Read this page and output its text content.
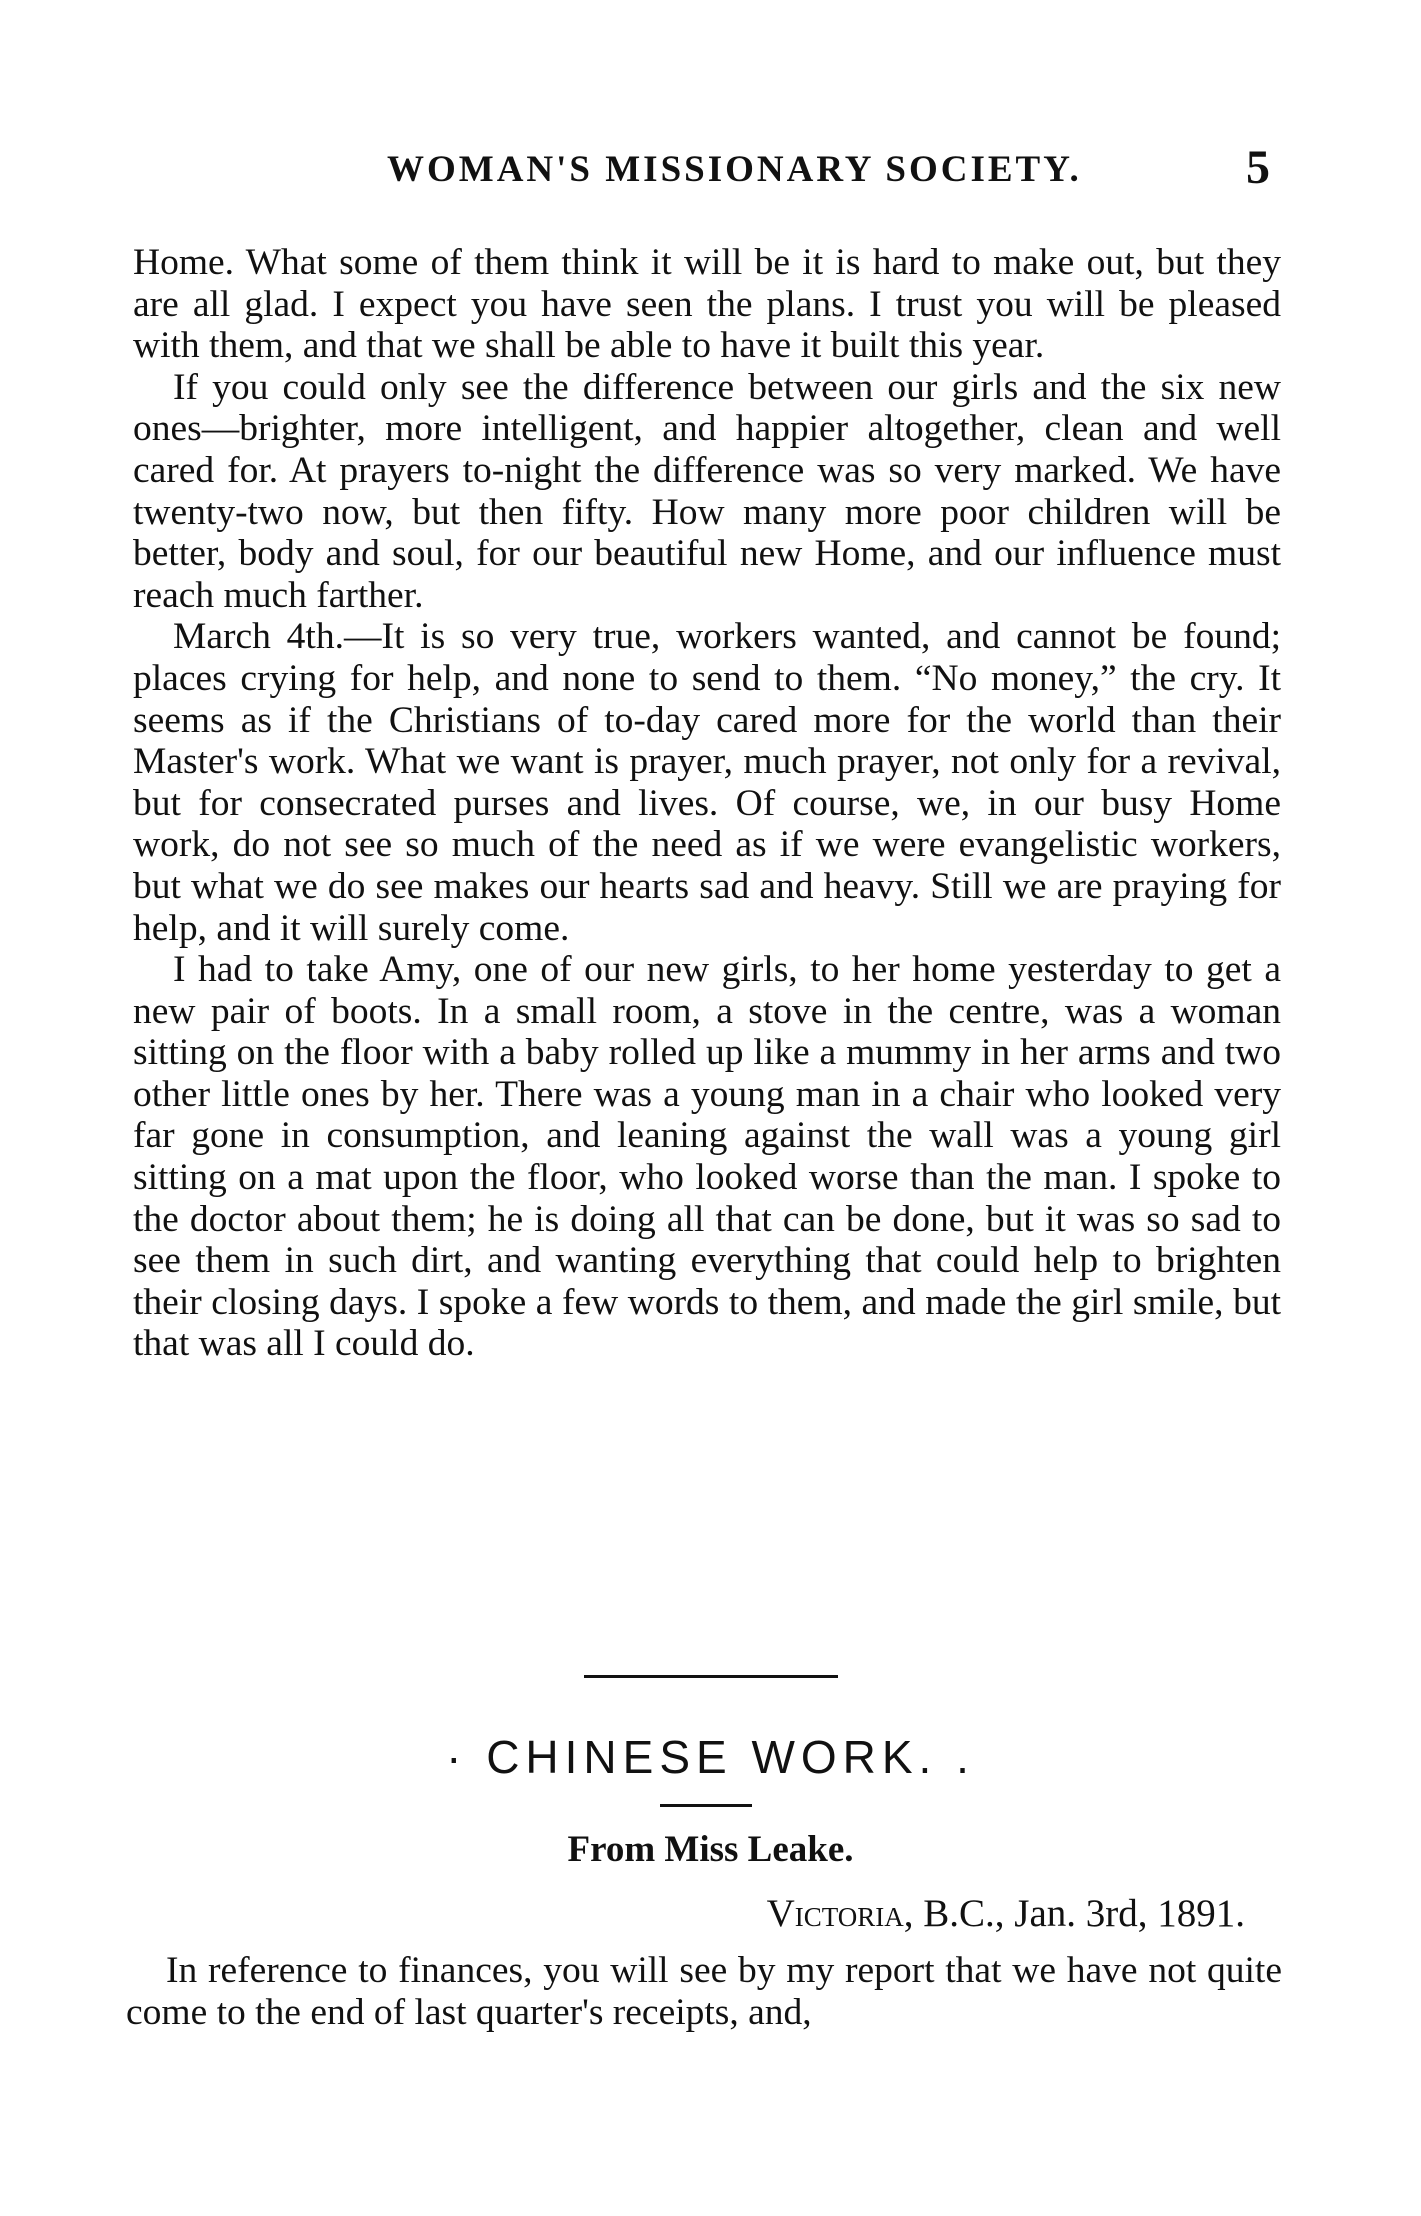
WOMAN'S MISSIONARY SOCIETY.	5

Home. What some of them think it will be it is hard to make out, but they are all glad. I expect you have seen the plans. I trust you will be pleased with them, and that we shall be able to have it built this year.

If you could only see the difference between our girls and the six new ones—brighter, more intelligent, and happier altogether, clean and well cared for. At prayers to-night the difference was so very marked. We have twenty-two now, but then fifty. How many more poor children will be better, body and soul, for our beautiful new Home, and our influence must reach much farther.

March 4th.—It is so very true, workers wanted, and cannot be found; places crying for help, and none to send to them. “No money,” the cry. It seems as if the Christians of to-day cared more for the world than their Master's work. What we want is prayer, much prayer, not only for a revival, but for consecrated purses and lives. Of course, we, in our busy Home work, do not see so much of the need as if we were evangelistic workers, but what we do see makes our hearts sad and heavy. Still we are praying for help, and it will surely come.

I had to take Amy, one of our new girls, to her home yesterday to get a new pair of boots. In a small room, a stove in the centre, was a woman sitting on the floor with a baby rolled up like a mummy in her arms and two other little ones by her. There was a young man in a chair who looked very far gone in consumption, and leaning against the wall was a young girl sitting on a mat upon the floor, who looked worse than the man. I spoke to the doctor about them; he is doing all that can be done, but it was so sad to see them in such dirt, and wanting everything that could help to brighten their closing days. I spoke a few words to them, and made the girl smile, but that was all I could do.

· CHINESE WORK. .
From Miss Leake.
Victoria, B.C., Jan. 3rd, 1891.

In reference to finances, you will see by my report that we have not quite come to the end of last quarter's receipts, and,
